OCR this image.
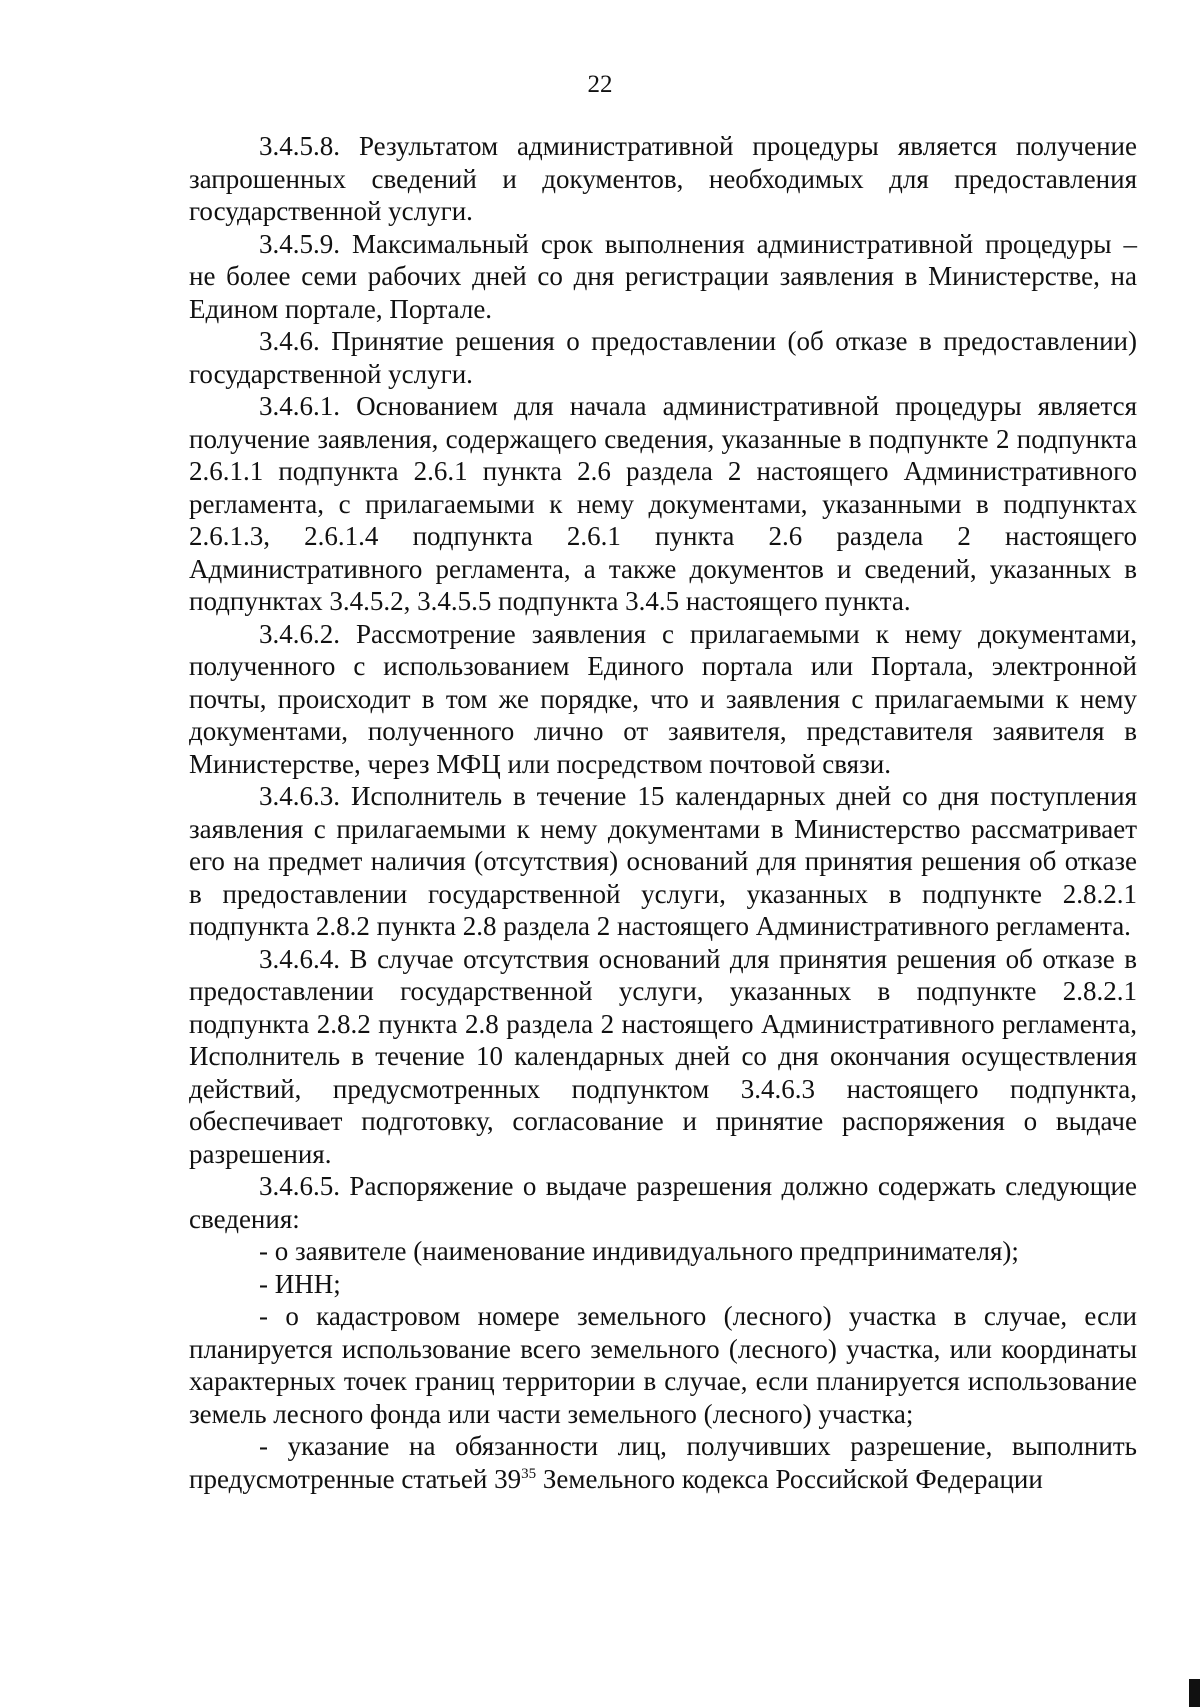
22

3.4.5.8. Результатом административной процедуры является получение запрошенных сведений и документов, необходимых для предоставления государственной услуги.

3.4.5.9. Максимальный срок выполнения административной процедуры – не более семи рабочих дней со дня регистрации заявления в Министерстве, на Едином портале, Портале.

3.4.6. Принятие решения о предоставлении (об отказе в предоставлении) государственной услуги.

3.4.6.1. Основанием для начала административной процедуры является получение заявления, содержащего сведения, указанные в подпункте 2 подпункта 2.6.1.1 подпункта 2.6.1 пункта 2.6 раздела 2 настоящего Административного регламента, с прилагаемыми к нему документами, указанными в подпунктах 2.6.1.3, 2.6.1.4 подпункта 2.6.1 пункта 2.6 раздела 2 настоящего Административного регламента, а также документов и сведений, указанных в подпунктах 3.4.5.2, 3.4.5.5 подпункта 3.4.5 настоящего пункта.

3.4.6.2. Рассмотрение заявления с прилагаемыми к нему документами, полученного с использованием Единого портала или Портала, электронной почты, происходит в том же порядке, что и заявления с прилагаемыми к нему документами, полученного лично от заявителя, представителя заявителя в Министерстве, через МФЦ или посредством почтовой связи.

3.4.6.3. Исполнитель в течение 15 календарных дней со дня поступления заявления с прилагаемыми к нему документами в Министерство рассматривает его на предмет наличия (отсутствия) оснований для принятия решения об отказе в предоставлении государственной услуги, указанных в подпункте 2.8.2.1 подпункта 2.8.2 пункта 2.8 раздела 2 настоящего Административного регламента.

3.4.6.4. В случае отсутствия оснований для принятия решения об отказе в предоставлении государственной услуги, указанных в подпункте 2.8.2.1 подпункта 2.8.2 пункта 2.8 раздела 2 настоящего Административного регламента, Исполнитель в течение 10 календарных дней со дня окончания осуществления действий, предусмотренных подпунктом 3.4.6.3 настоящего подпункта, обеспечивает подготовку, согласование и принятие распоряжения о выдаче разрешения.

3.4.6.5. Распоряжение о выдаче разрешения должно содержать следующие сведения:

- о заявителе (наименование индивидуального предпринимателя);

- ИНН;

- о кадастровом номере земельного (лесного) участка в случае, если планируется использование всего земельного (лесного) участка, или координаты характерных точек границ территории в случае, если планируется использование земель лесного фонда или части земельного (лесного) участка;

- указание на обязанности лиц, получивших разрешение, выполнить предусмотренные статьей $39^{35}$ Земельного кодекса Российской Федерации
